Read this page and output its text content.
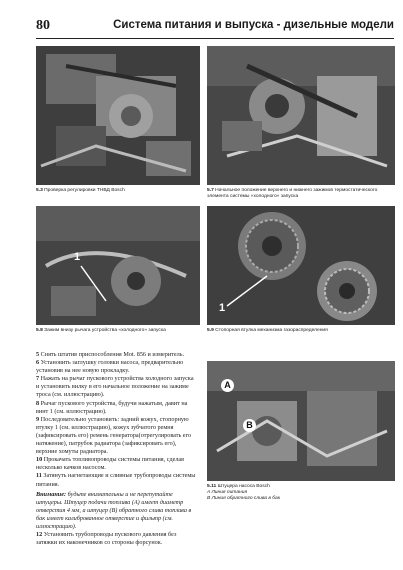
80	Система питания и выпуска - дизельные модели
5.3 Проверка регулировки ТНВД Bosch	5.7 Начальное положение верхнего и нижнего зажимов термостатического элемента системы «холодного» запуска
1
5.8 Зажим внизу рычага устройства «холодного» запуска
1
5.9 Стопорная втулка механизма газораспределения

5 Снять штатив приспособления Mot. 856 и измеритель.

6 Установить заглушку головки насоса, предварительно установив на нее новую прокладку.

7 Нажать на рычаг пускового устройства холодного запуска и установить вилку в его начальное положение на зажиме троса (см. иллюстрацию).

8 Рычаг пускового устройства, будучи нажатым, давит на винт 1 (см. иллюстрацию).

9 Последовательно установить: задний кожух, стопорную втулку 1 (см. иллюстрацию), кожух зубчатого ремня (зафиксировать его) ремень генератора(отрегулировать его натяжение), патрубок радиатора (зафиксировать его), верхние хомуты радиатора.

10 Прокачать топливопроводы системы питания, сделав несколько качков насосом.

11 Затянуть нагнетающие и сливные трубопроводы системы питания.

Внимание: будьте внимательны и не перепутайте штуцеры. Штуцер подачи топлива (A) имеет диаметр отверстия 4 мм, а штуцер (B) обратного слива топлива в бак имеет калиброванное отверстие и фильтр (см. иллюстрацию).

12 Установить трубопроводы пускового давления без затяжки их наконечников со стороны форсунок.

A
B
5.11 Штуцера насоса Bosch
A Линия питания
B Линия обратного слива в бак
